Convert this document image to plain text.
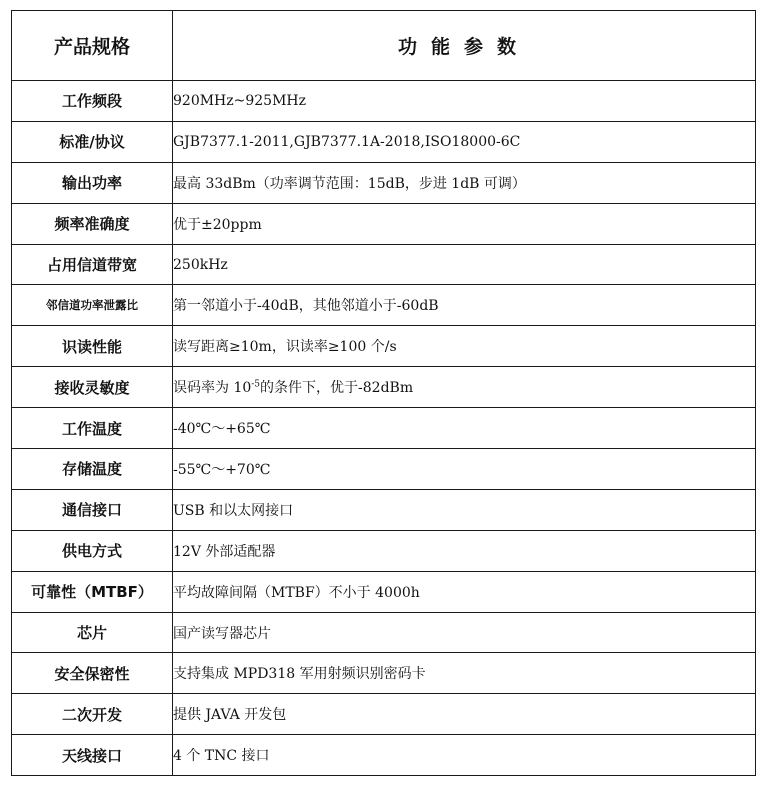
产品规格	功能参数
工作频段	920MHz~925MHz
标准/协议	GJB7377.1-2011,GJB7377.1A-2018,ISO18000-6C
输出功率	最高 33dBm（功率调节范围：15dB，步进 1dB 可调）
频率准确度	优于±20ppm
占用信道带宽	250kHz
邻信道功率泄露比	第一邻道小于-40dB，其他邻道小于-60dB
识读性能	读写距离≥10m，识读率≥100 个/s
接收灵敏度	误码率为 $10^{-5}$的条件下，优于-82dBm
工作温度	-40℃～+65℃
存储温度	-55℃～+70℃
通信接口	USB 和以太网接口
供电方式	12V 外部适配器
可靠性（MTBF）	平均故障间隔（MTBF）不小于 4000h
芯片	国产读写器芯片
安全保密性	支持集成 MPD318 军用射频识别密码卡
二次开发	提供 JAVA 开发包
天线接口	4 个 TNC 接口
